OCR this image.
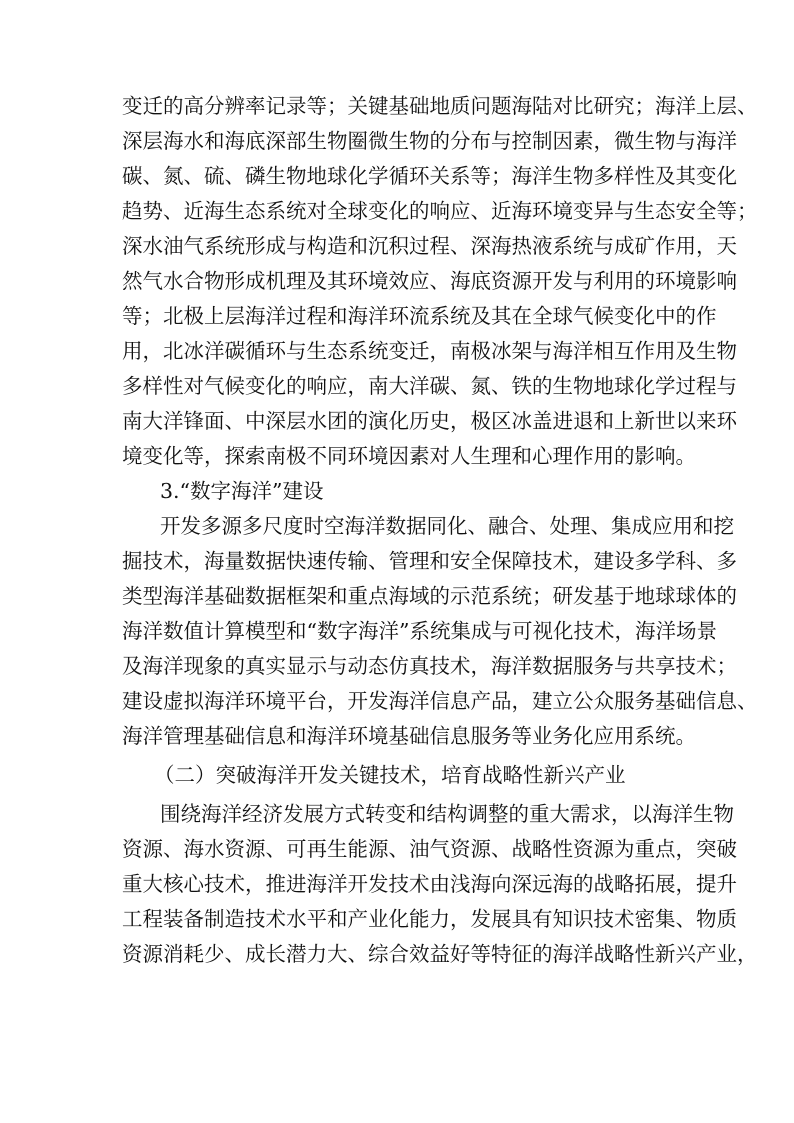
变迁的高分辨率记录等；关键基础地质问题海陆对比研究；海洋上层、
深层海水和海底深部生物圈微生物的分布与控制因素，微生物与海洋
碳、氮、硫、磷生物地球化学循环关系等；海洋生物多样性及其变化
趋势、近海生态系统对全球变化的响应、近海环境变异与生态安全等；
深水油气系统形成与构造和沉积过程、深海热液系统与成矿作用，天
然气水合物形成机理及其环境效应、海底资源开发与利用的环境影响
等；北极上层海洋过程和海洋环流系统及其在全球气候变化中的作
用，北冰洋碳循环与生态系统变迁，南极冰架与海洋相互作用及生物
多样性对气候变化的响应，南大洋碳、氮、铁的生物地球化学过程与
南大洋锋面、中深层水团的演化历史，极区冰盖进退和上新世以来环
境变化等，探索南极不同环境因素对人生理和心理作用的影响。
3.“数字海洋”建设
开发多源多尺度时空海洋数据同化、融合、处理、集成应用和挖
掘技术，海量数据快速传输、管理和安全保障技术，建设多学科、多
类型海洋基础数据框架和重点海域的示范系统；研发基于地球球体的
海洋数值计算模型和“数字海洋”系统集成与可视化技术，海洋场景
及海洋现象的真实显示与动态仿真技术，海洋数据服务与共享技术；
建设虚拟海洋环境平台，开发海洋信息产品，建立公众服务基础信息、
海洋管理基础信息和海洋环境基础信息服务等业务化应用系统。
（二）突破海洋开发关键技术，培育战略性新兴产业
围绕海洋经济发展方式转变和结构调整的重大需求，以海洋生物
资源、海水资源、可再生能源、油气资源、战略性资源为重点，突破
重大核心技术，推进海洋开发技术由浅海向深远海的战略拓展，提升
工程装备制造技术水平和产业化能力，发展具有知识技术密集、物质
资源消耗少、成长潜力大、综合效益好等特征的海洋战略性新兴产业，
